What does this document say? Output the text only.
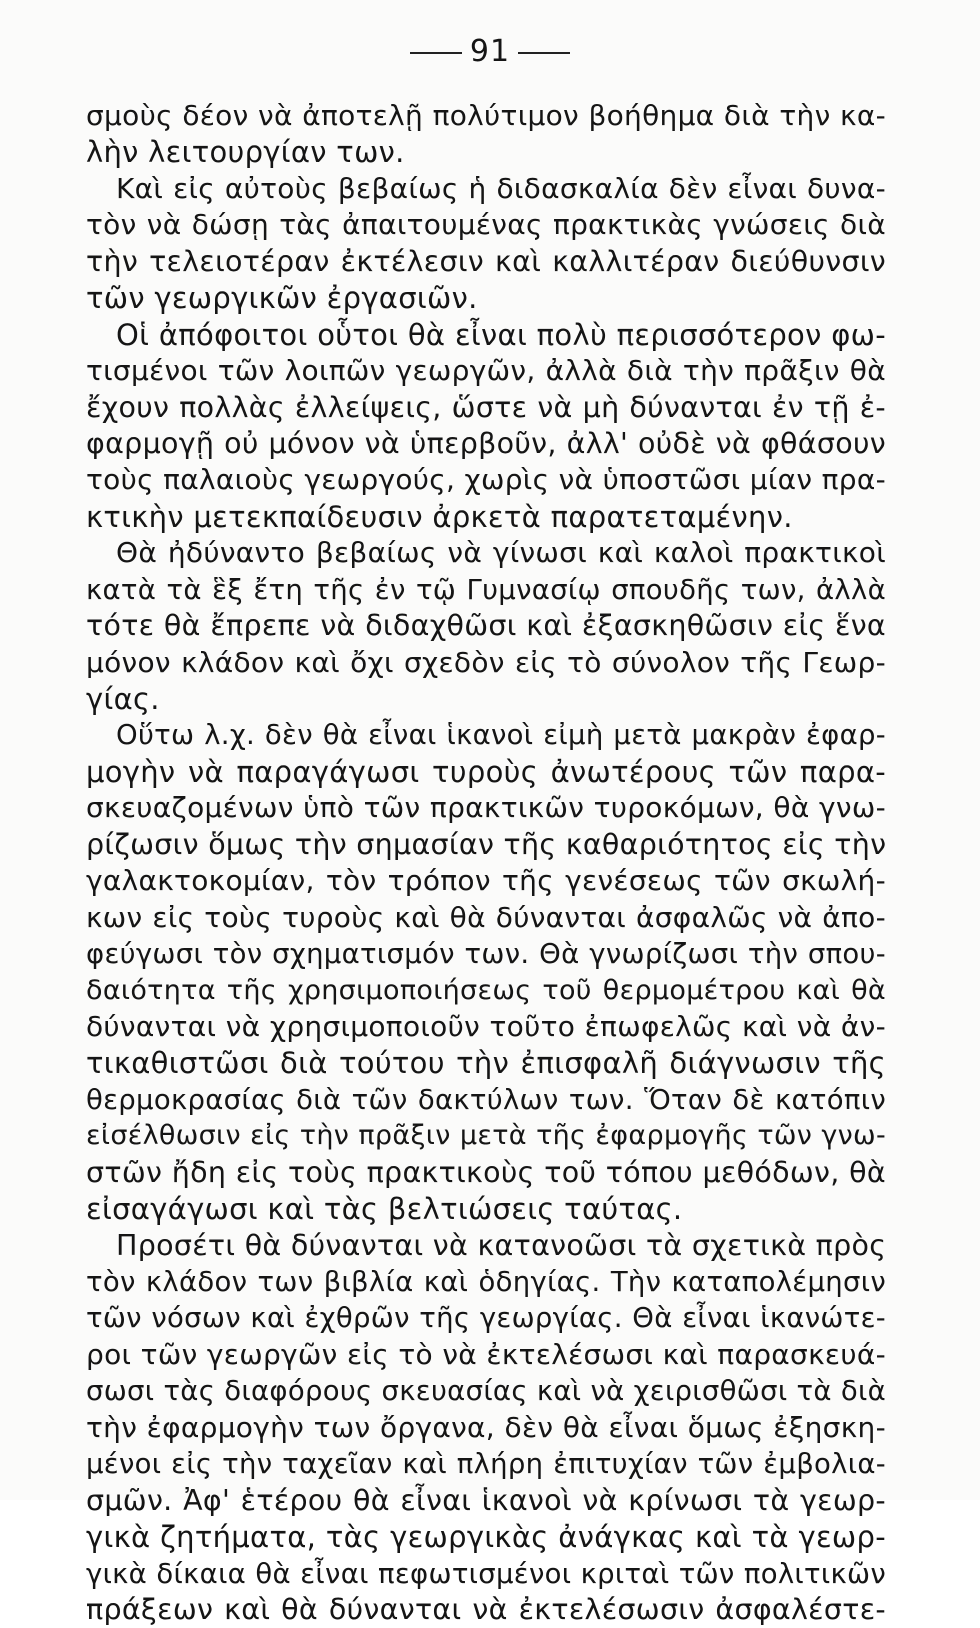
91
σμοὺς δέον νὰ ἀποτελῇ πολύτιμον βοήθημα διὰ τὴν κα-
λὴν λειτουργίαν των.
Καὶ εἰς αὐτοὺς βεβαίως ἡ διδασκαλία δὲν εἶναι δυνα-
τὸν νὰ δώσῃ τὰς ἀπαιτουμένας πρακτικὰς γνώσεις διὰ
τὴν τελειοτέραν ἐκτέλεσιν καὶ καλλιτέραν διεύθυνσιν
τῶν γεωργικῶν ἐργασιῶν.
Οἱ ἀπόφοιτοι οὗτοι θὰ εἶναι πολὺ περισσότερον φω-
τισμένοι τῶν λοιπῶν γεωργῶν, ἀλλὰ διὰ τὴν πρᾶξιν θὰ
ἔχουν πολλὰς ἐλλείψεις, ὥστε νὰ μὴ δύνανται ἐν τῇ ἐ-
φαρμογῇ οὐ μόνον νὰ ὑπερβοῦν, ἀλλ' οὐδὲ νὰ φθάσουν
τοὺς παλαιοὺς γεωργούς, χωρὶς νὰ ὑποστῶσι μίαν πρα-
κτικὴν μετεκπαίδευσιν ἀρκετὰ παρατεταμένην.
Θὰ ἠδύναντο βεβαίως νὰ γίνωσι καὶ καλοὶ πρακτικοὶ
κατὰ τὰ ἓξ ἔτη τῆς ἐν τῷ Γυμνασίῳ σπουδῆς των, ἀλλὰ
τότε θὰ ἔπρεπε νὰ διδαχθῶσι καὶ ἐξασκηθῶσιν εἰς ἕνα
μόνον κλάδον καὶ ὄχι σχεδὸν εἰς τὸ σύνολον τῆς Γεωρ-
γίας.
Οὕτω λ.χ. δὲν θὰ εἶναι ἱκανοὶ εἰμὴ μετὰ μακρὰν ἐφαρ-
μογὴν νὰ παραγάγωσι τυροὺς ἀνωτέρους τῶν παρα-
σκευαζομένων ὑπὸ τῶν πρακτικῶν τυροκόμων, θὰ γνω-
ρίζωσιν ὅμως τὴν σημασίαν τῆς καθαριότητος εἰς τὴν
γαλακτοκομίαν, τὸν τρόπον τῆς γενέσεως τῶν σκωλή-
κων εἰς τοὺς τυροὺς καὶ θὰ δύνανται ἀσφαλῶς νὰ ἀπο-
φεύγωσι τὸν σχηματισμόν των. Θὰ γνωρίζωσι τὴν σπου-
δαιότητα τῆς χρησιμοποιήσεως τοῦ θερμομέτρου καὶ θὰ
δύνανται νὰ χρησιμοποιοῦν τοῦτο ἐπωφελῶς καὶ νὰ ἀν-
τικαθιστῶσι διὰ τούτου τὴν ἐπισφαλῆ διάγνωσιν τῆς
θερμοκρασίας διὰ τῶν δακτύλων των. Ὅταν δὲ κατόπιν
εἰσέλθωσιν εἰς τὴν πρᾶξιν μετὰ τῆς ἐφαρμογῆς τῶν γνω-
στῶν ἤδη εἰς τοὺς πρακτικοὺς τοῦ τόπου μεθόδων, θὰ
εἰσαγάγωσι καὶ τὰς βελτιώσεις ταύτας.
Προσέτι θὰ δύνανται νὰ κατανοῶσι τὰ σχετικὰ πρὸς
τὸν κλάδον των βιβλία καὶ ὁδηγίας. Τὴν καταπολέμησιν
τῶν νόσων καὶ ἐχθρῶν τῆς γεωργίας. Θὰ εἶναι ἱκανώτε-
ροι τῶν γεωργῶν εἰς τὸ νὰ ἐκτελέσωσι καὶ παρασκευά-
σωσι τὰς διαφόρους σκευασίας καὶ νὰ χειρισθῶσι τὰ διὰ
τὴν ἐφαρμογὴν των ὄργανα, δὲν θὰ εἶναι ὅμως ἐξησκη-
μένοι εἰς τὴν ταχεῖαν καὶ πλήρη ἐπιτυχίαν τῶν ἐμβολια-
σμῶν. Ἀφ' ἑτέρου θὰ εἶναι ἱκανοὶ νὰ κρίνωσι τὰ γεωρ-
γικὰ ζητήματα, τὰς γεωργικὰς ἀνάγκας καὶ τὰ γεωρ-
γικὰ δίκαια θὰ εἶναι πεφωτισμένοι κριταὶ τῶν πολιτικῶν
πράξεων καὶ θὰ δύνανται νὰ ἐκτελέσωσιν ἀσφαλέστε-
